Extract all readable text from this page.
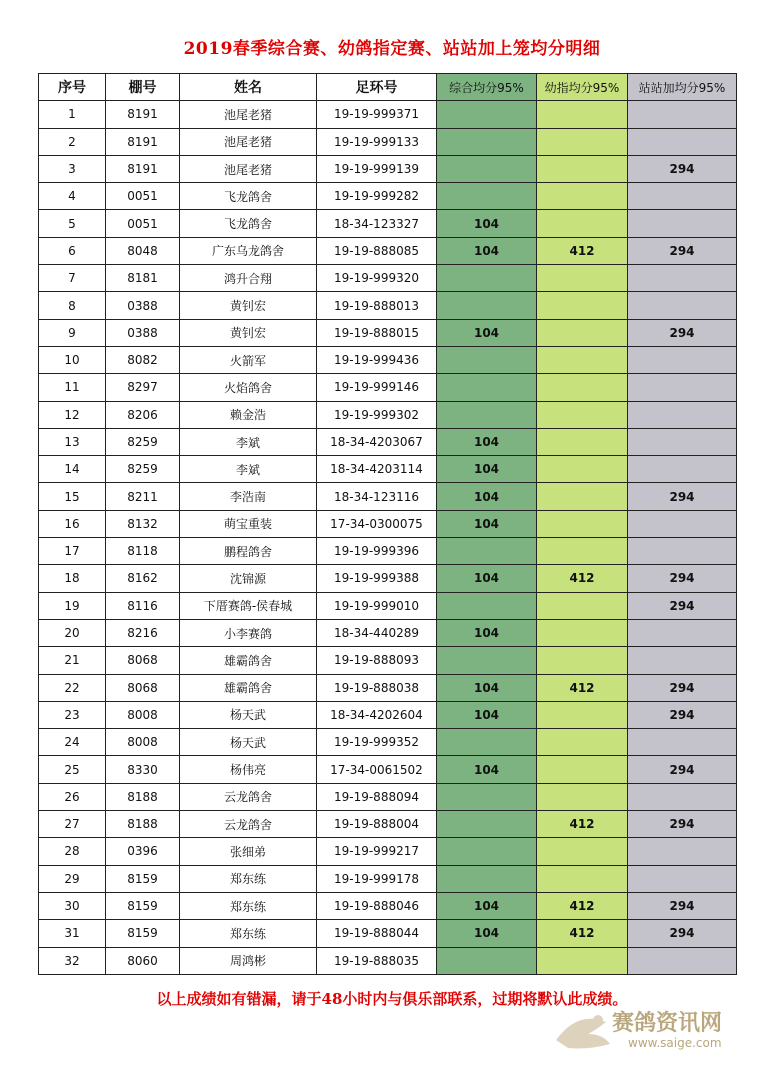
2019春季综合赛、幼鸽指定赛、站站加上笼均分明细
序号	棚号	姓名	足环号	综合均分95%	幼指均分95%	站站加均分95%
1	8191	池尾老猪	19-19-999371			
2	8191	池尾老猪	19-19-999133			
3	8191	池尾老猪	19-19-999139			294
4	0051	飞龙鸽舍	19-19-999282			
5	0051	飞龙鸽舍	18-34-123327	104		
6	8048	广东乌龙鸽舍	19-19-888085	104	412	294
7	8181	鸿升合翔	19-19-999320			
8	0388	黄钊宏	19-19-888013			
9	0388	黄钊宏	19-19-888015	104		294
10	8082	火箭军	19-19-999436			
11	8297	火焰鸽舍	19-19-999146			
12	8206	赖金浩	19-19-999302			
13	8259	李斌	18-34-4203067	104		
14	8259	李斌	18-34-4203114	104		
15	8211	李浩南	18-34-123116	104		294
16	8132	萌宝重装	17-34-0300075	104		
17	8118	鹏程鸽舍	19-19-999396			
18	8162	沈锦源	19-19-999388	104	412	294
19	8116	下厝赛鸽-侯春城	19-19-999010			294
20	8216	小李赛鸽	18-34-440289	104		
21	8068	雄霸鸽舍	19-19-888093			
22	8068	雄霸鸽舍	19-19-888038	104	412	294
23	8008	杨天武	18-34-4202604	104		294
24	8008	杨天武	19-19-999352			
25	8330	杨伟亮	17-34-0061502	104		294
26	8188	云龙鸽舍	19-19-888094			
27	8188	云龙鸽舍	19-19-888004		412	294
28	0396	张细弟	19-19-999217			
29	8159	郑东练	19-19-999178			
30	8159	郑东练	19-19-888046	104	412	294
31	8159	郑东练	19-19-888044	104	412	294
32	8060	周鸿彬	19-19-888035			
以上成绩如有错漏，请于48小时内与俱乐部联系，过期将默认此成绩。
赛鸽资讯网
www.saige.com
